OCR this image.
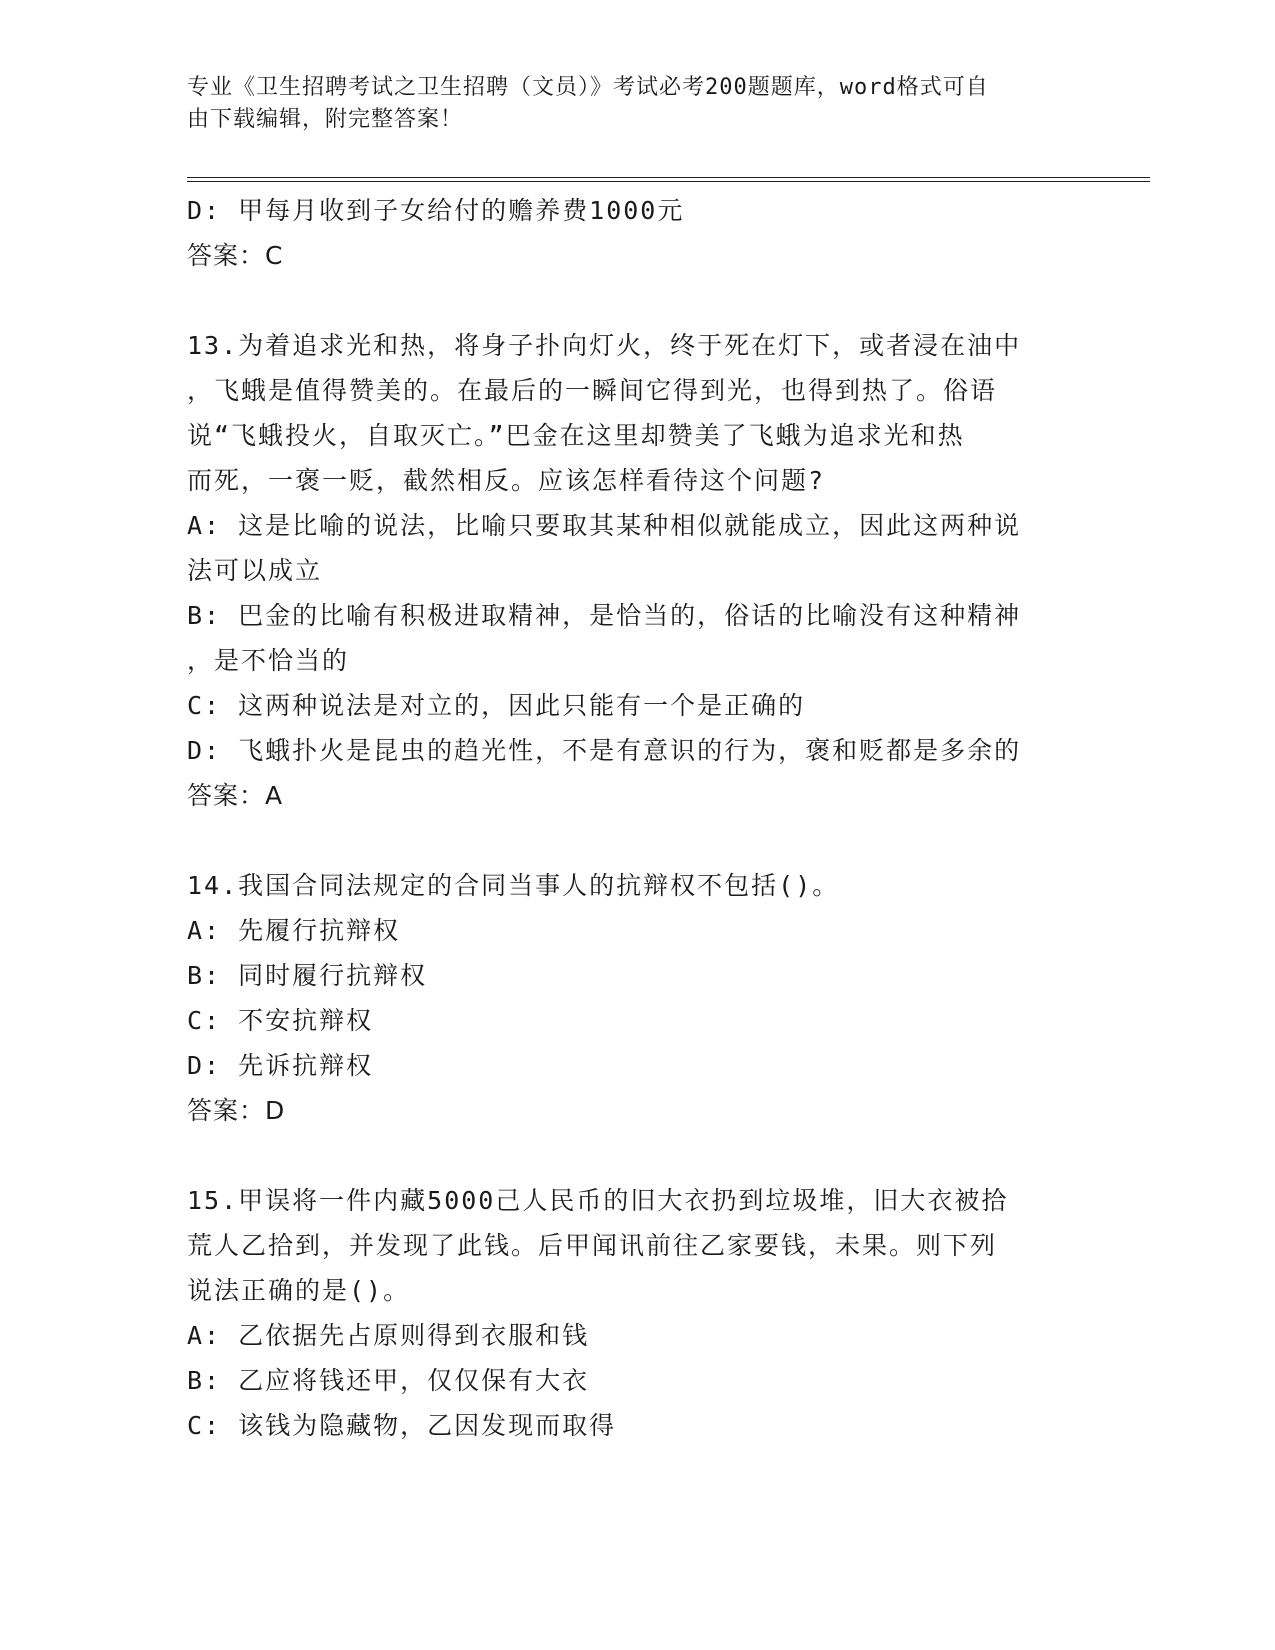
专业《卫生招聘考试之卫生招聘（文员）》考试必考200题题库，word格式可自
由下载编辑，附完整答案！
D: 甲每月收到子女给付的赡养费1000元
答案：C
13.为着追求光和热，将身子扑向灯火，终于死在灯下，或者浸在油中
，飞蛾是值得赞美的。在最后的一瞬间它得到光，也得到热了。俗语
说“飞蛾投火，自取灭亡。”巴金在这里却赞美了飞蛾为追求光和热
而死，一褒一贬，截然相反。应该怎样看待这个问题?
A: 这是比喻的说法，比喻只要取其某种相似就能成立，因此这两种说
法可以成立
B: 巴金的比喻有积极进取精神，是恰当的，俗话的比喻没有这种精神
，是不恰当的
C: 这两种说法是对立的，因此只能有一个是正确的
D: 飞蛾扑火是昆虫的趋光性，不是有意识的行为，褒和贬都是多余的
答案：A
14.我国合同法规定的合同当事人的抗辩权不包括()。
A: 先履行抗辩权
B: 同时履行抗辩权
C: 不安抗辩权
D: 先诉抗辩权
答案：D
15.甲误将一件内藏5000己人民币的旧大衣扔到垃圾堆，旧大衣被拾
荒人乙拾到，并发现了此钱。后甲闻讯前往乙家要钱，未果。则下列
说法正确的是()。
A: 乙依据先占原则得到衣服和钱
B: 乙应将钱还甲，仅仅保有大衣
C: 该钱为隐藏物，乙因发现而取得
